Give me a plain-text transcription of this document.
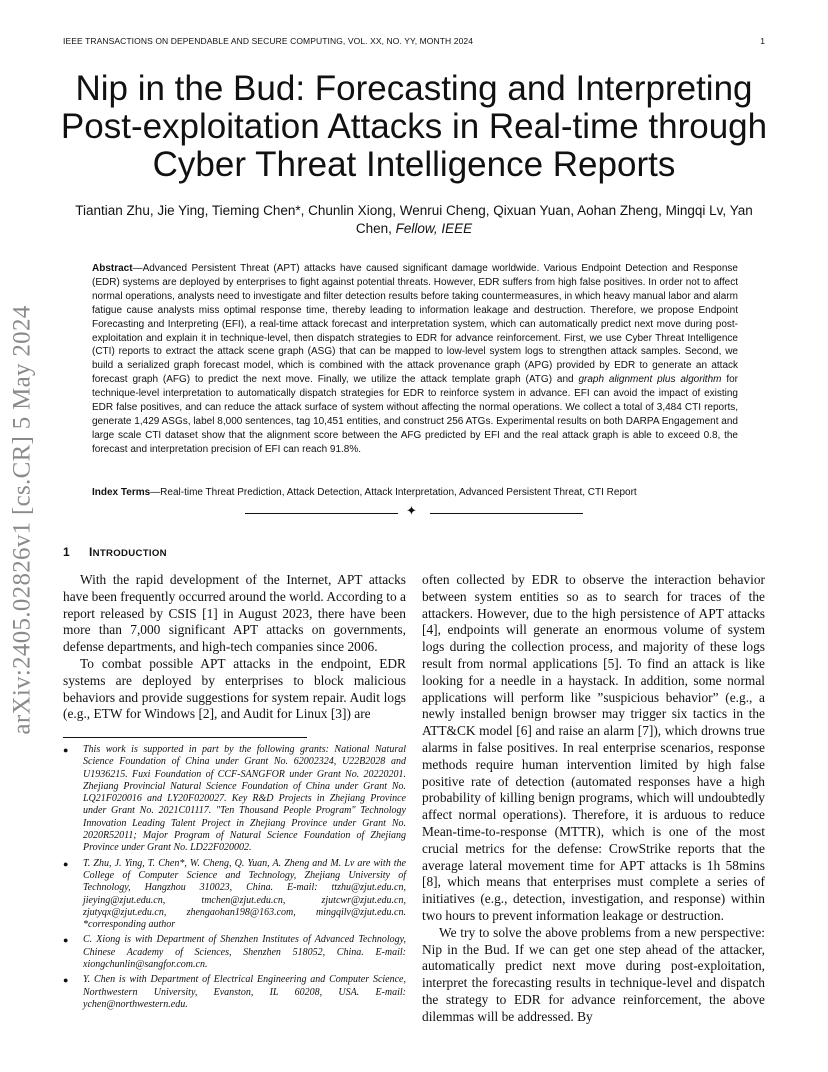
IEEE TRANSACTIONS ON DEPENDABLE AND SECURE COMPUTING, VOL. XX, NO. YY, MONTH 2024	1
arXiv:2405.02826v1 [cs.CR] 5 May 2024
Nip in the Bud: Forecasting and Interpreting Post-exploitation Attacks in Real-time through Cyber Threat Intelligence Reports
Tiantian Zhu, Jie Ying, Tieming Chen*, Chunlin Xiong, Wenrui Cheng, Qixuan Yuan, Aohan Zheng, Mingqi Lv, Yan Chen, Fellow, IEEE
Abstract—Advanced Persistent Threat (APT) attacks have caused significant damage worldwide. Various Endpoint Detection and Response (EDR) systems are deployed by enterprises to fight against potential threats. However, EDR suffers from high false positives. In order not to affect normal operations, analysts need to investigate and filter detection results before taking countermeasures, in which heavy manual labor and alarm fatigue cause analysts miss optimal response time, thereby leading to information leakage and destruction. Therefore, we propose Endpoint Forecasting and Interpreting (EFI), a real-time attack forecast and interpretation system, which can automatically predict next move during post-exploitation and explain it in technique-level, then dispatch strategies to EDR for advance reinforcement. First, we use Cyber Threat Intelligence (CTI) reports to extract the attack scene graph (ASG) that can be mapped to low-level system logs to strengthen attack samples. Second, we build a serialized graph forecast model, which is combined with the attack provenance graph (APG) provided by EDR to generate an attack forecast graph (AFG) to predict the next move. Finally, we utilize the attack template graph (ATG) and graph alignment plus algorithm for technique-level interpretation to automatically dispatch strategies for EDR to reinforce system in advance. EFI can avoid the impact of existing EDR false positives, and can reduce the attack surface of system without affecting the normal operations. We collect a total of 3,484 CTI reports, generate 1,429 ASGs, label 8,000 sentences, tag 10,451 entities, and construct 256 ATGs. Experimental results on both DARPA Engagement and large scale CTI dataset show that the alignment score between the AFG predicted by EFI and the real attack graph is able to exceed 0.8, the forecast and interpretation precision of EFI can reach 91.8%.
Index Terms—Real-time Threat Prediction, Attack Detection, Attack Interpretation, Advanced Persistent Threat, CTI Report
✦
1 INTRODUCTION

With the rapid development of the Internet, APT attacks have been frequently occurred around the world. According to a report released by CSIS [1] in August 2023, there have been more than 7,000 significant APT attacks on governments, defense departments, and high-tech companies since 2006.

To combat possible APT attacks in the endpoint, EDR systems are deployed by enterprises to block malicious behaviors and provide suggestions for system repair. Audit logs (e.g., ETW for Windows [2], and Audit for Linux [3]) are

● This work is supported in part by the following grants: National Natural Science Foundation of China under Grant No. 62002324, U22B2028 and U1936215. Fuxi Foundation of CCF-SANGFOR under Grant No. 20220201. Zhejiang Provincial Natural Science Foundation of China under Grant No. LQ21F020016 and LY20F020027. Key R&D Projects in Zhejiang Province under Grant No. 2021C01117. "Ten Thousand People Program" Technology Innovation Leading Talent Project in Zhejiang Province under Grant No. 2020R52011; Major Program of Natural Science Foundation of Zhejiang Province under Grant No. LD22F020002.
● T. Zhu, J. Ying, T. Chen*, W. Cheng, Q. Yuan, A. Zheng and M. Lv are with the College of Computer Science and Technology, Zhejiang University of Technology, Hangzhou 310023, China. E-mail: ttzhu@zjut.edu.cn, jieying@zjut.edu.cn, tmchen@zjut.edu.cn, zjutcwr@zjut.edu.cn, zjutyqx@zjut.edu.cn, zhengaohan198@163.com, mingqilv@zjut.edu.cn. *corresponding author
● C. Xiong is with Department of Shenzhen Institutes of Advanced Technology, Chinese Academy of Sciences, Shenzhen 518052, China. E-mail: xiongchunlin@sangfor.com.cn.
● Y. Chen is with Department of Electrical Engineering and Computer Science, Northwestern University, Evanston, IL 60208, USA. E-mail: ychen@northwestern.edu.

often collected by EDR to observe the interaction behavior between system entities so as to search for traces of the attackers. However, due to the high persistence of APT attacks [4], endpoints will generate an enormous volume of system logs during the collection process, and majority of these logs result from normal applications [5]. To find an attack is like looking for a needle in a haystack. In addition, some normal applications will perform like ”suspicious behavior” (e.g., a newly installed benign browser may trigger six tactics in the ATT&CK model [6] and raise an alarm [7]), which drowns true alarms in false positives. In real enterprise scenarios, response methods require human intervention limited by high false positive rate of detection (automated responses have a high probability of killing benign programs, which will undoubtedly affect normal operations). Therefore, it is arduous to reduce Mean-time-to-response (MTTR), which is one of the most crucial metrics for the defense: CrowStrike reports that the average lateral movement time for APT attacks is 1h 58mins [8], which means that enterprises must complete a series of initiatives (e.g., detection, investigation, and response) within two hours to prevent information leakage or destruction.

We try to solve the above problems from a new perspective: Nip in the Bud. If we can get one step ahead of the attacker, automatically predict next move during post-exploitation, interpret the forecasting results in technique-level and dispatch the strategy to EDR for advance reinforcement, the above dilemmas will be addressed. By
